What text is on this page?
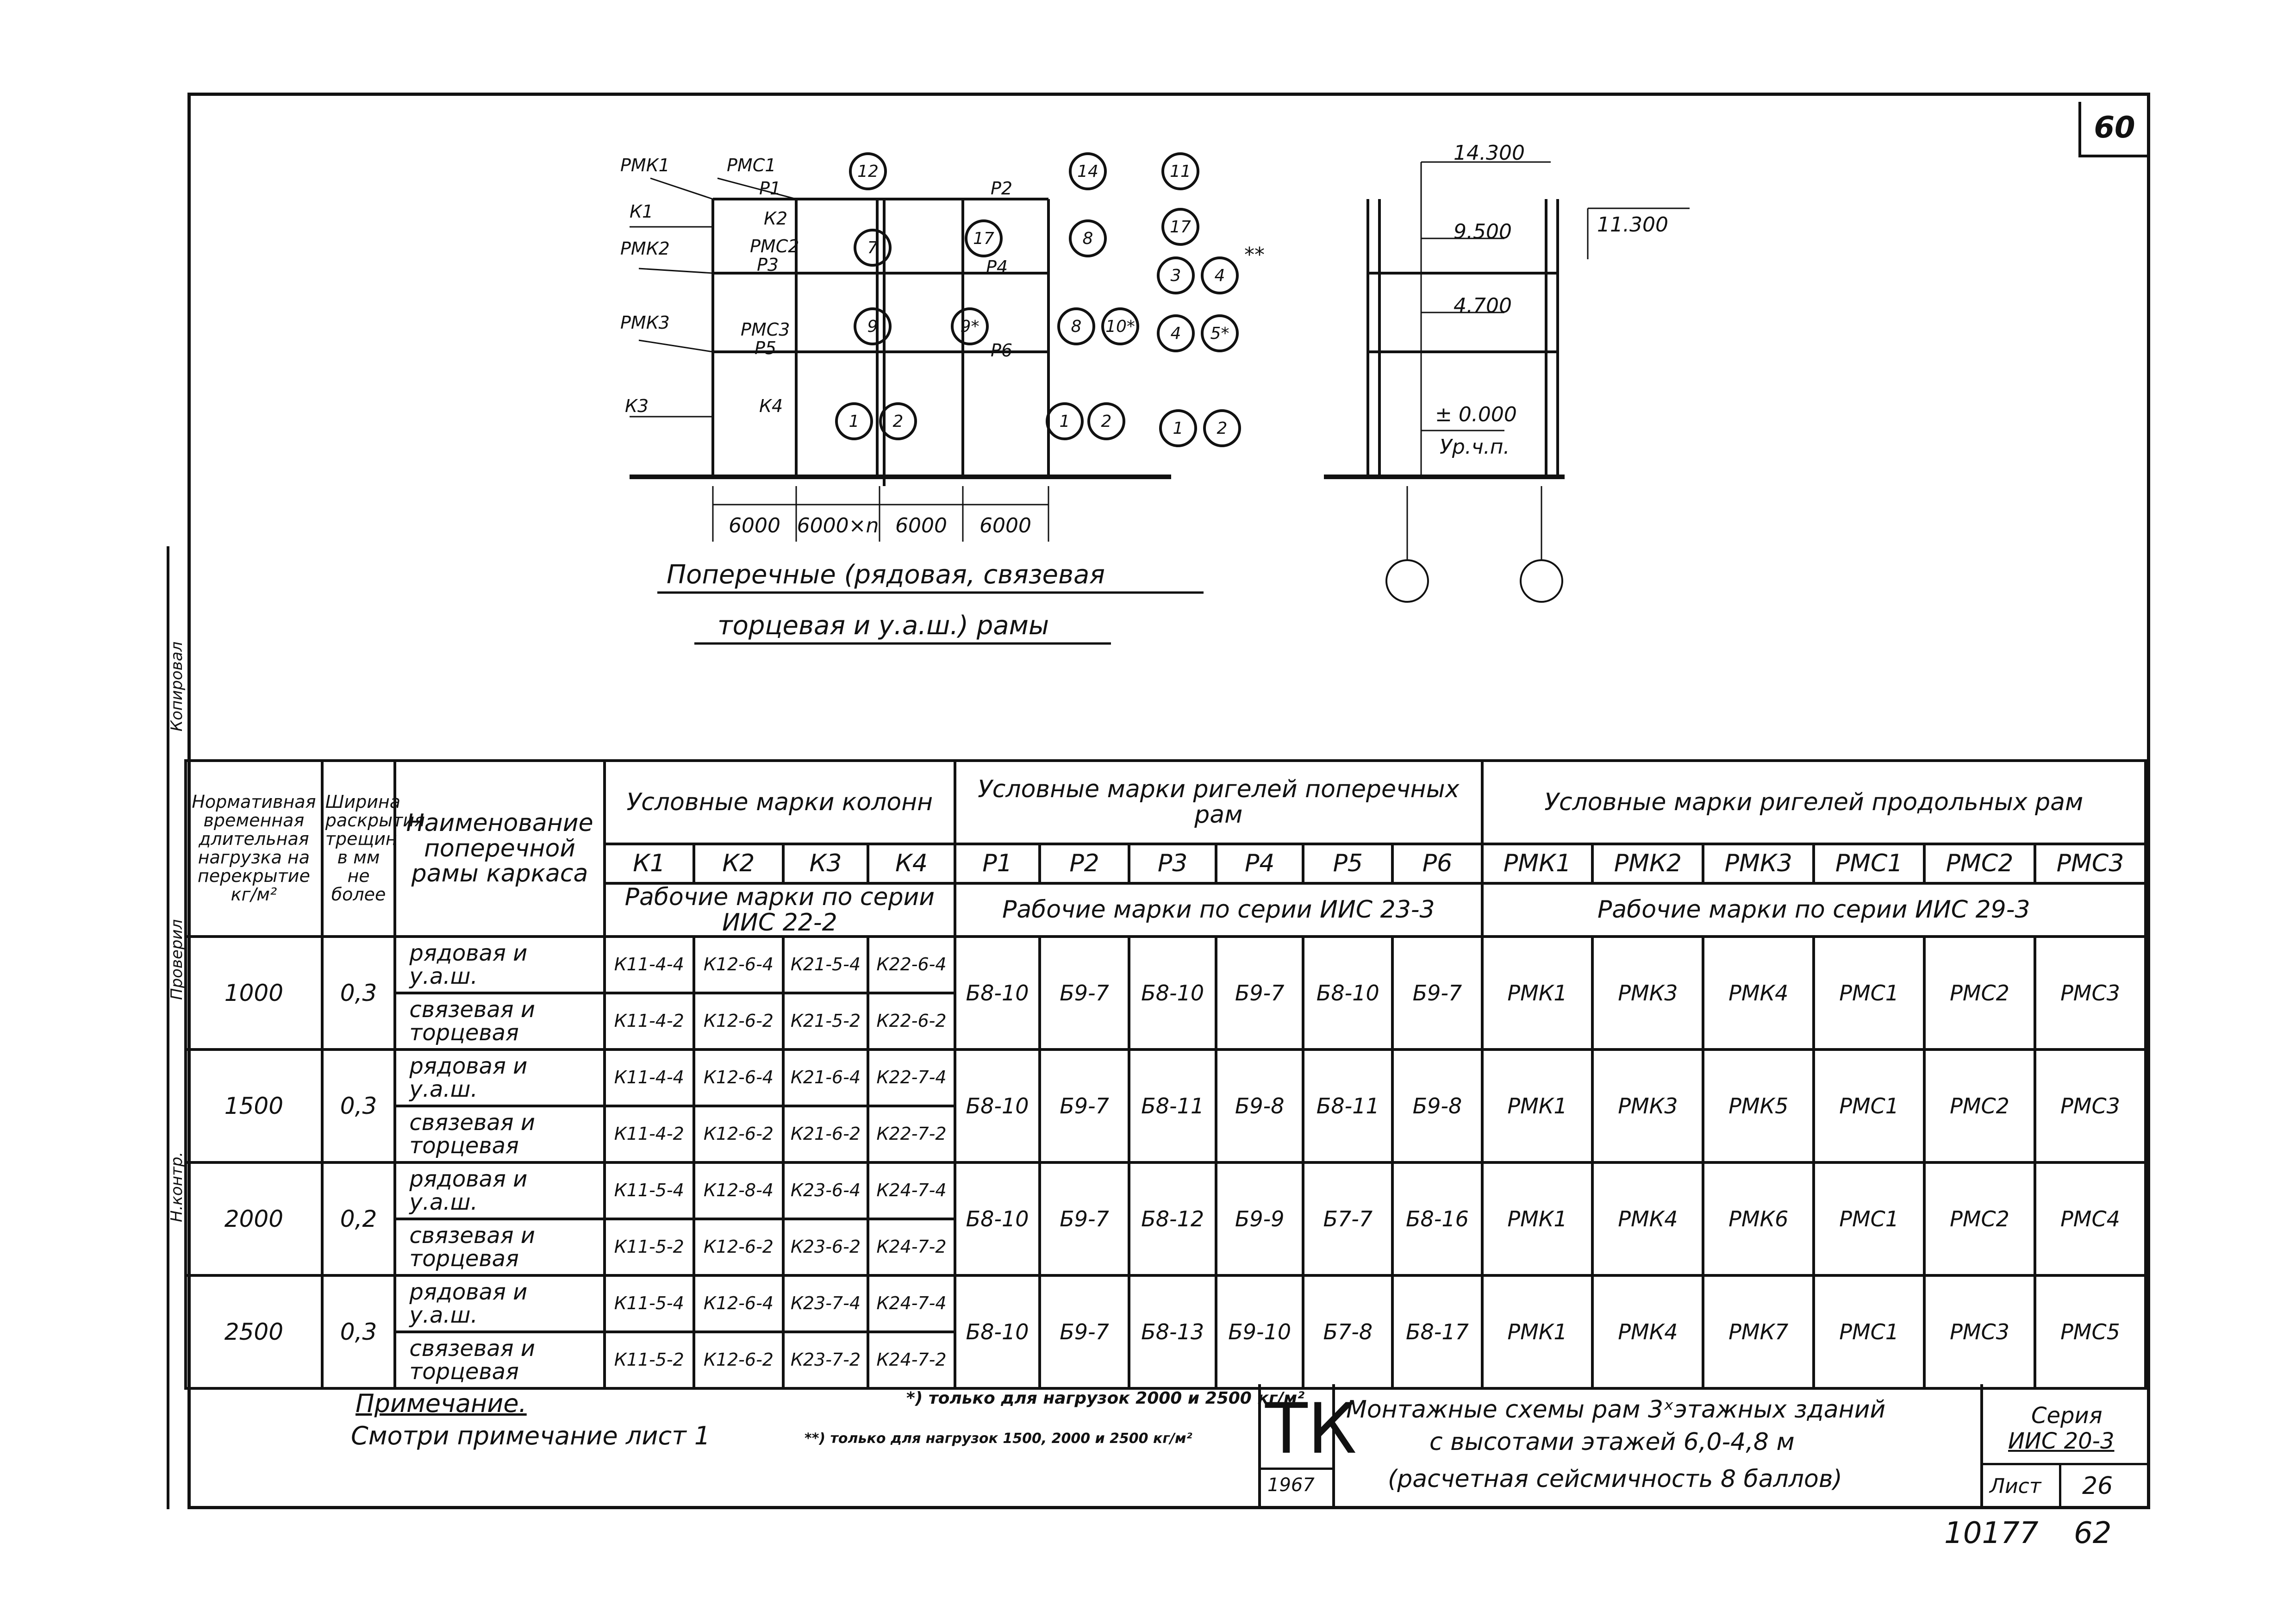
60
Копировал
Н.контр.
Проверил
РМК1	РМС1
К1
Р1
К2
РМК2	РМС2
Р3
РМК3	РМС3
Р5
К3	К4
Р2
Р4
Р6
12	14	11
7	17	8
17
3 4
9	9*	8 10* 4 5*
1 2	1 2	1 2
**
6000 6000×n 6000 6000
Поперечные (рядовая, связевая
торцевая и у.а.ш.) рамы
14.300
11.300
9.500
4.700
± 0.000
Ур.ч.п.
Нормативная временная длительная нагрузка на перекрытие кг/м²	Ширина раскрытия трещин в мм не более	Наименование поперечной рамы каркаса	Условные марки колонн				Условные марки ригелей поперечных рам						Условные марки ригелей продольных рам					
			К1	К2	К3	К4	Р1	Р2	Р3	Р4	Р5	Р6	РМК1	РМК2	РМК3	РМС1	РМС2	РМС3
			Рабочие марки по серии ИИС 22-2				Рабочие марки по серии ИИС 23-3						Рабочие марки по серии ИИС 29-3					
1000	0,3	рядовая и у.а.ш.	К11-4-4	К12-6-4	К21-5-4	К22-6-4	Б8-10	Б9-7	Б8-10	Б9-7	Б8-10	Б9-7	РМК1	РМК3	РМК4	РМС1	РМС2	РМС3
		связевая и торцевая	К11-4-2	К12-6-2	К21-5-2	К22-6-2												
1500	0,3	рядовая и у.а.ш.	К11-4-4	К12-6-4	К21-6-4	К22-7-4	Б8-10	Б9-7	Б8-11	Б9-8	Б8-11	Б9-8	РМК1	РМК3	РМК5	РМС1	РМС2	РМС3
		связевая и торцевая	К11-4-2	К12-6-2	К21-6-2	К22-7-2												
2000	0,2	рядовая и у.а.ш.	К11-5-4	К12-8-4	К23-6-4	К24-7-4	Б8-10	Б9-7	Б8-12	Б9-9	Б7-7	Б8-16	РМК1	РМК4	РМК6	РМС1	РМС2	РМС4
		связевая и торцевая	К11-5-2	К12-6-2	К23-6-2	К24-7-2												
2500	0,3	рядовая и у.а.ш.	К11-5-4	К12-6-4	К23-7-4	К24-7-4	Б8-10	Б9-7	Б8-13	Б9-10	Б7-8	Б8-17	РМК1	РМК4	РМК7	РМС1	РМС3	РМС5
		связевая и торцевая	К11-5-2	К12-6-2	К23-7-2	К24-7-2												
Примечание.
Смотри примечание лист 1
*) только для нагрузок 2000 и 2500 кг/м²
**) только для нагрузок 1500, 2000 и 2500 кг/м² ТК
1967
Монтажные схемы рам 3ˣэтажных зданий
с высотами этажей 6,0-4,8 м
(расчетная сейсмичность 8 баллов)
Серия
ИИС 20-3
Лист 26
10177 62
